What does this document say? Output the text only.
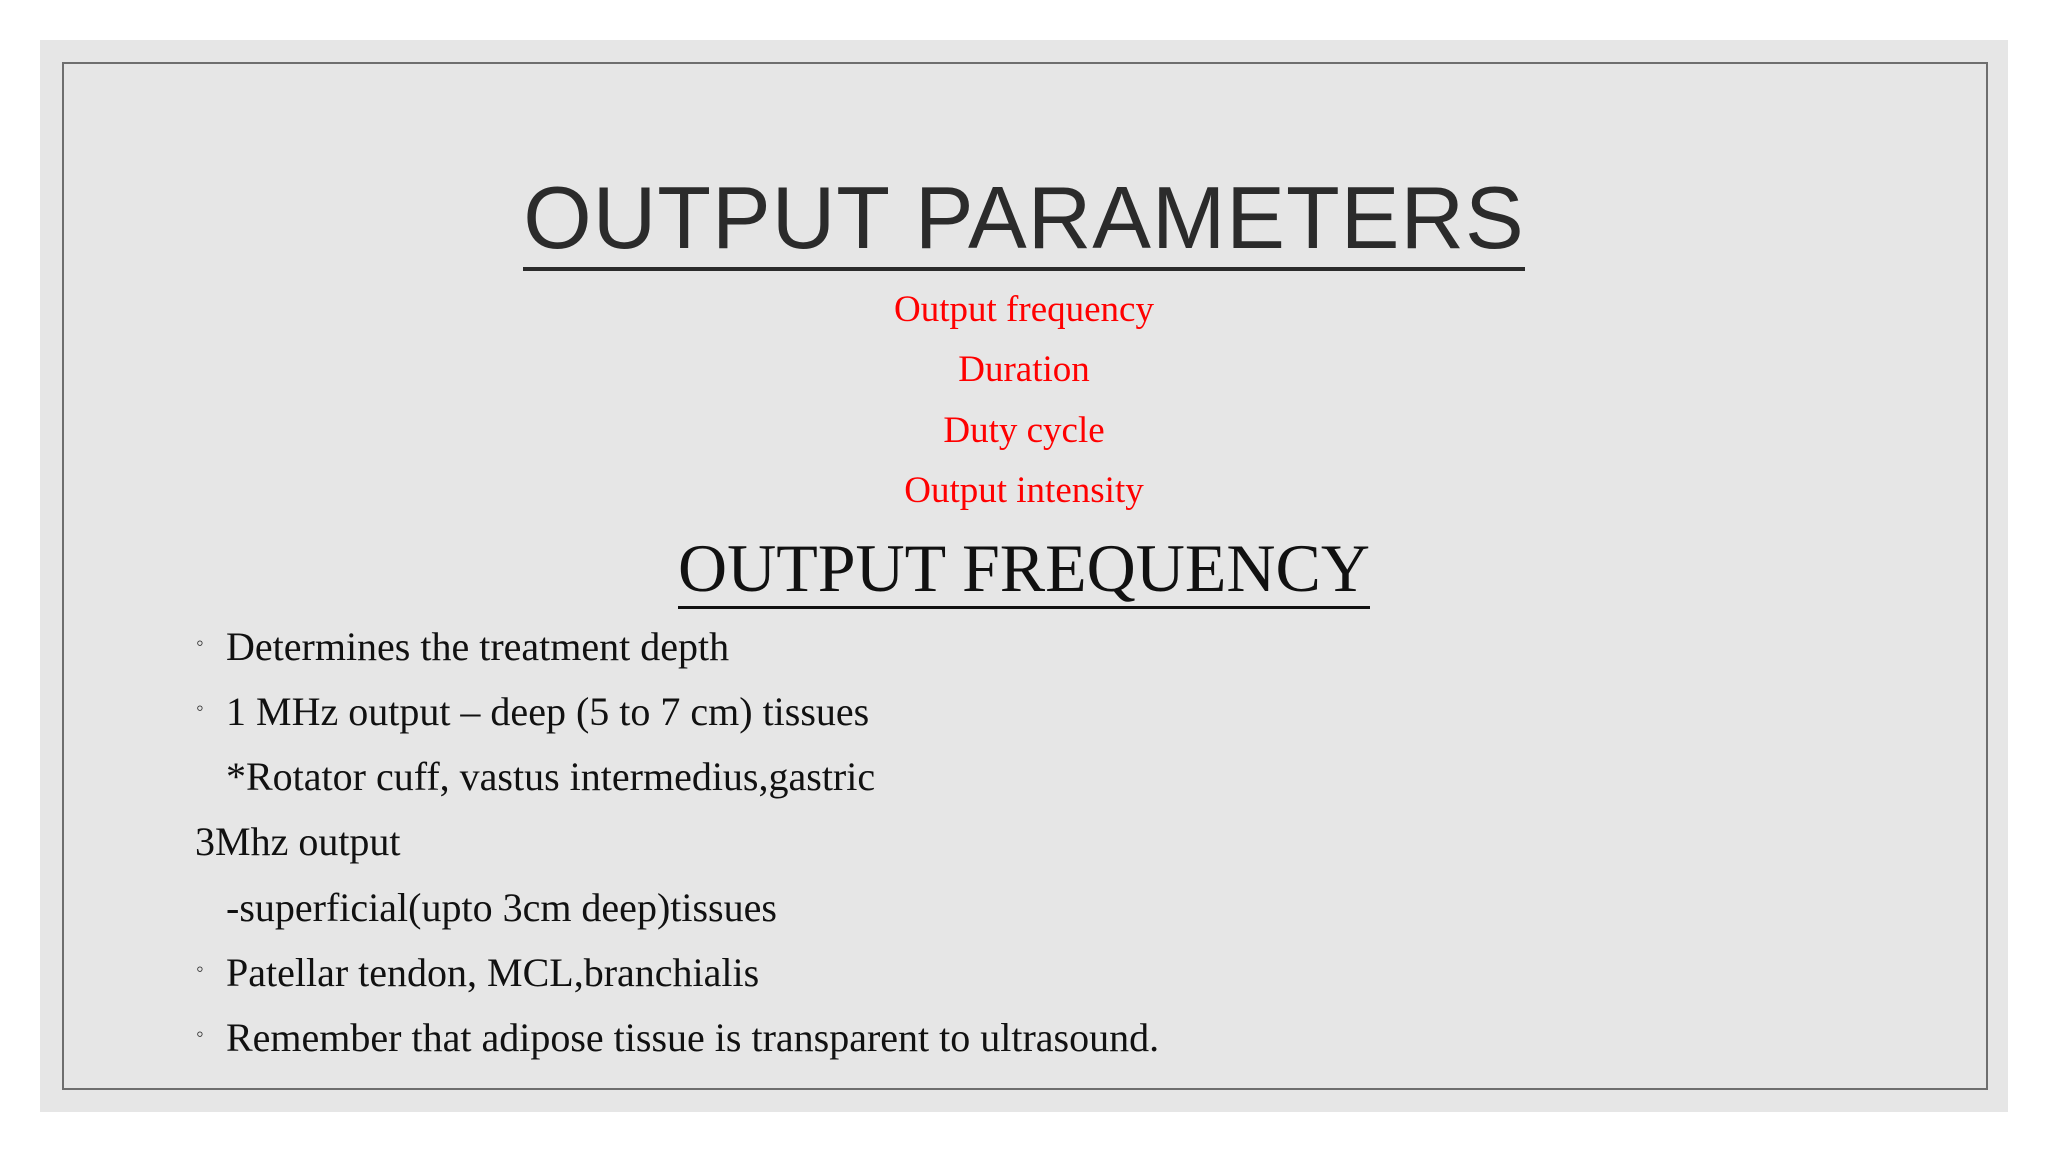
OUTPUT PARAMETERS
Output frequency
Duration
Duty cycle
Output intensity
OUTPUT FREQUENCY
◦ Determines the treatment depth
◦ 1 MHz output – deep (5 to 7 cm) tissues
*Rotator cuff, vastus intermedius,gastric
3Mhz output
-superficial(upto 3cm deep)tissues
◦ Patellar tendon, MCL,branchialis
◦ Remember that adipose tissue is transparent to ultrasound.
